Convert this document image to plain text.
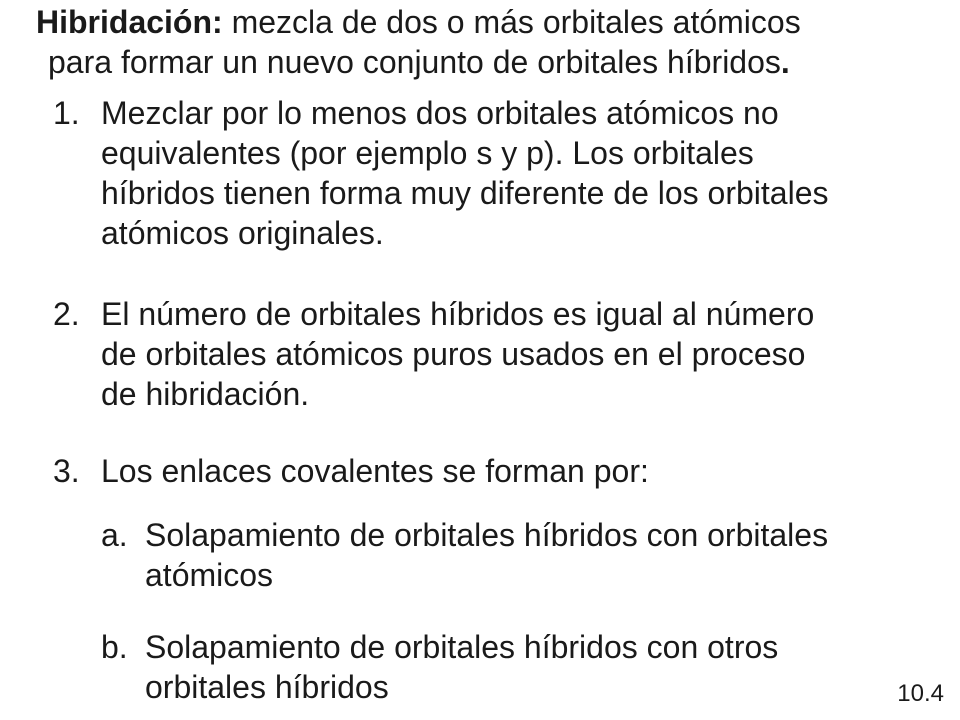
Hibridación: mezcla de dos o más orbitales atómicos
para formar un nuevo conjunto de orbitales híbridos.
1. Mezclar por lo menos dos orbitales atómicos no
equivalentes (por ejemplo s y p). Los orbitales
híbridos tienen forma muy diferente de los orbitales
atómicos originales.
2. El número de orbitales híbridos es igual al número
de orbitales atómicos puros usados en el proceso
de hibridación.
3. Los enlaces covalentes se forman por:
a. Solapamiento de orbitales híbridos con orbitales
atómicos
b. Solapamiento de orbitales híbridos con otros
orbitales híbridos	10.4
